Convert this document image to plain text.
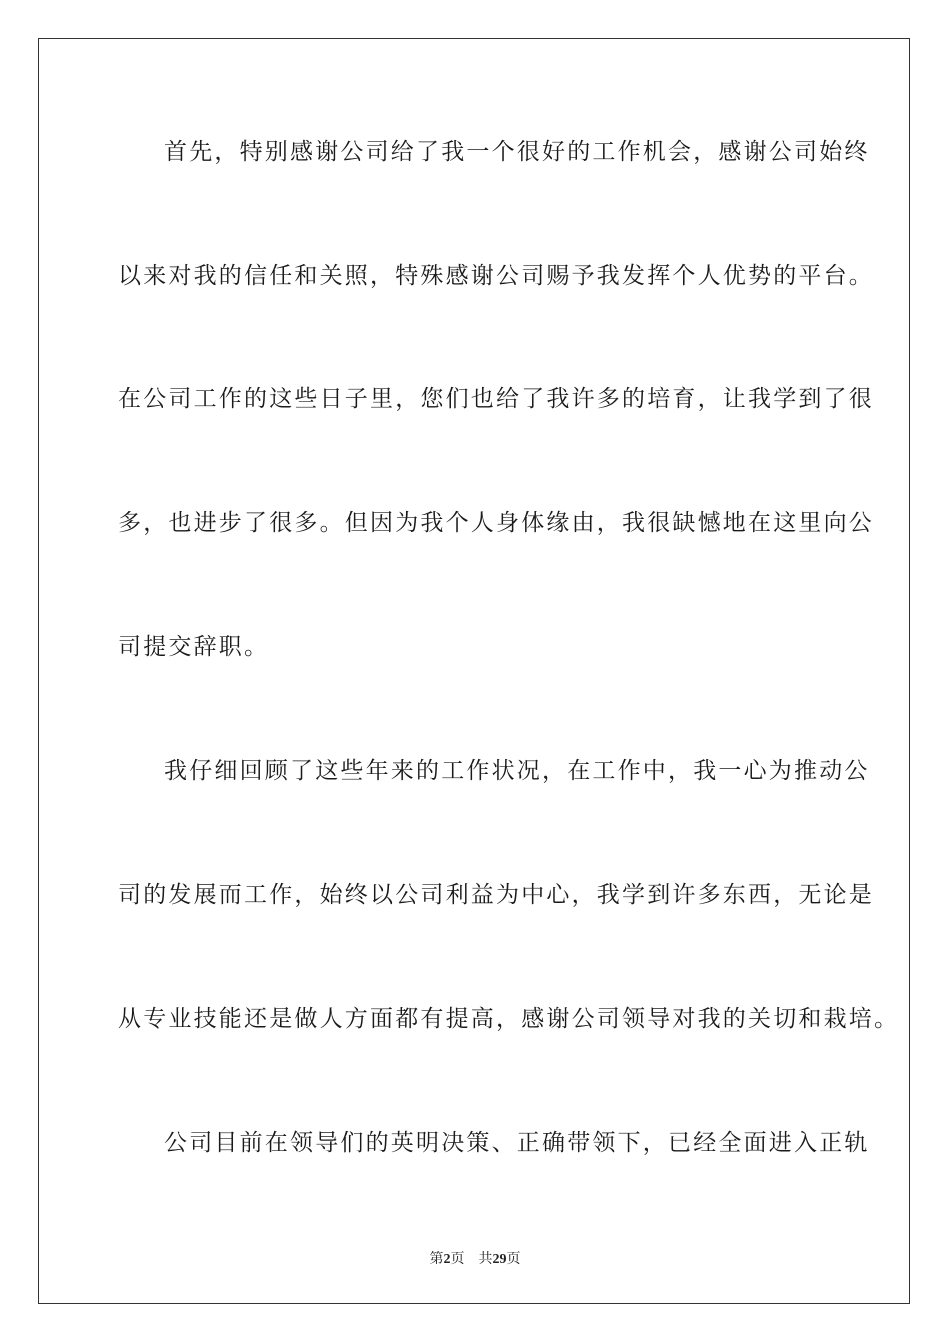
首先，特别感谢公司给了我一个很好的工作机会，感谢公司始终
以来对我的信任和关照，特殊感谢公司赐予我发挥个人优势的平台。
在公司工作的这些日子里，您们也给了我许多的培育，让我学到了很
多，也进步了很多。但因为我个人身体缘由，我很缺憾地在这里向公
司提交辞职。
我仔细回顾了这些年来的工作状况，在工作中，我一心为推动公
司的发展而工作，始终以公司利益为中心，我学到许多东西，无论是
从专业技能还是做人方面都有提高，感谢公司领导对我的关切和栽培。
公司目前在领导们的英明决策、正确带领下，已经全面进入正轨
第2页 共29页
